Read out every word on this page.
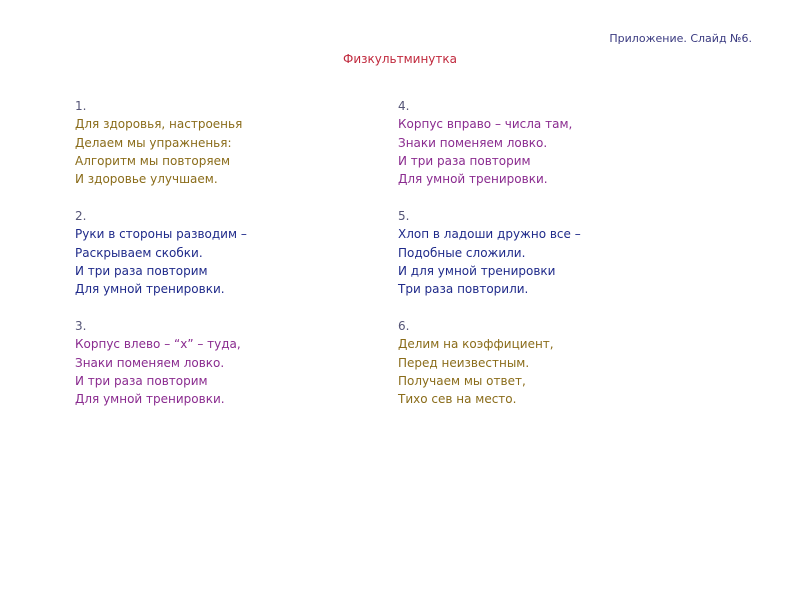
Приложение. Слайд №6.
Физкультминутка
1.
Для здоровья, настроенья
Делаем мы упражненья:
Алгоритм мы повторяем
И здоровье улучшаем.
2.
Руки в стороны разводим –
Раскрываем скобки.
И три раза повторим
Для умной тренировки.
3.
Корпус влево – “х” – туда,
Знаки поменяем ловко.
И три раза повторим
Для умной тренировки.
4.
Корпус вправо – числа там,
Знаки поменяем ловко.
И три раза повторим
Для умной тренировки.
5.
Хлоп в ладоши дружно все –
Подобные сложили.
И для умной тренировки
Три раза повторили.
6.
Делим на коэффициент,
Перед неизвестным.
Получаем мы ответ,
Тихо сев на место.
